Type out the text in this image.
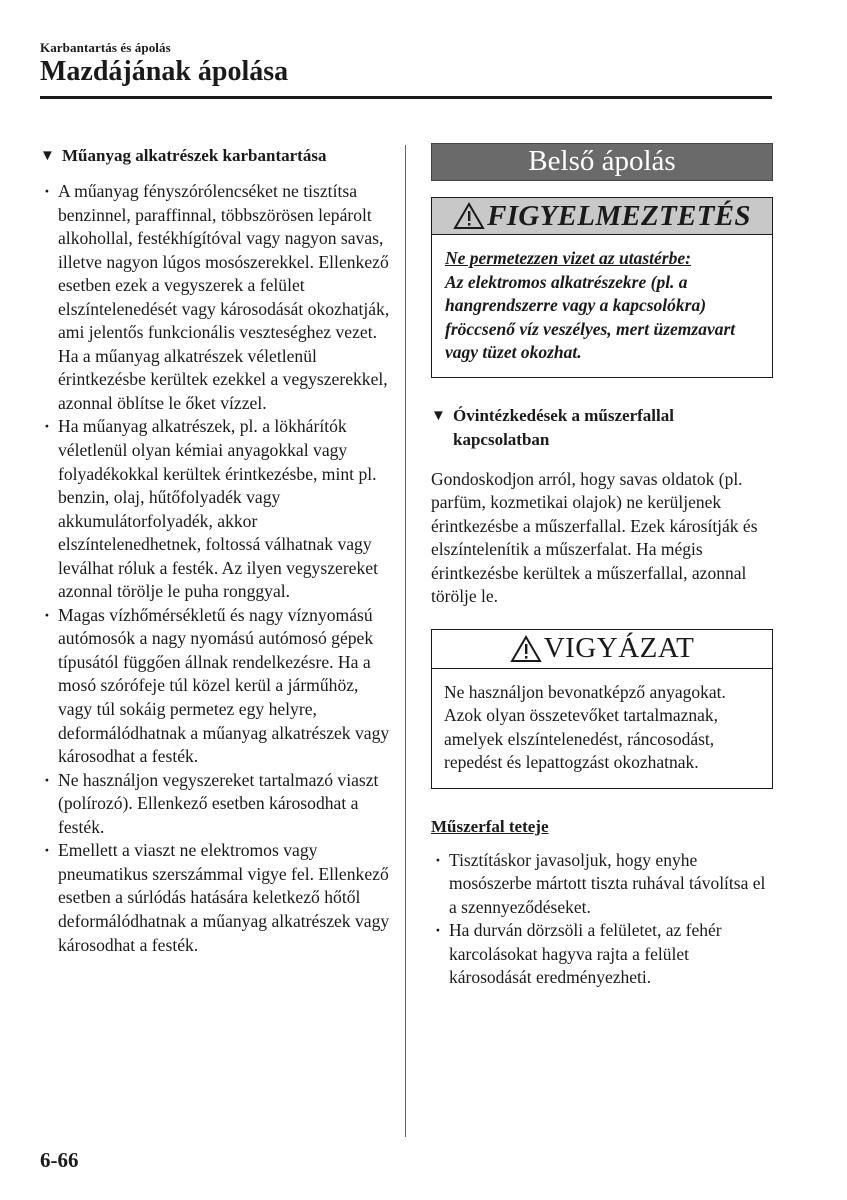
Karbantartás és ápolás
Mazdájának ápolása
▼ Műanyag alkatrészek karbantartása
· A műanyag fényszórólencséket ne tisztítsa benzinnel, paraffinnal, többszörösen lepárolt alkohollal, festékhígítóval vagy nagyon savas, illetve nagyon lúgos mosószerekkel. Ellenkező esetben ezek a vegyszerek a felület elszíntelenedését vagy károsodását okozhatják, ami jelentős funkcionális veszteséghez vezet. Ha a műanyag alkatrészek véletlenül érintkezésbe kerültek ezekkel a vegyszerekkel, azonnal öblítse le őket vízzel.
· Ha műanyag alkatrészek, pl. a lökhárítók véletlenül olyan kémiai anyagokkal vagy folyadékokkal kerültek érintkezésbe, mint pl. benzin, olaj, hűtőfolyadék vagy akkumulátorfolyadék, akkor elszíntelenedhetnek, foltossá válhatnak vagy leválhat róluk a festék. Az ilyen vegyszereket azonnal törölje le puha ronggyal.
· Magas vízhőmérsékletű és nagy víznyomású autómosók a nagy nyomású autómosó gépek típusától függően állnak rendelkezésre. Ha a mosó szórófeje túl közel kerül a járműhöz, vagy túl sokáig permetez egy helyre, deformálódhatnak a műanyag alkatrészek vagy károsodhat a festék.
· Ne használjon vegyszereket tartalmazó viaszt (polírozó). Ellenkező esetben károsodhat a festék.
· Emellett a viaszt ne elektromos vagy pneumatikus szerszámmal vigye fel. Ellenkező esetben a súrlódás hatására keletkező hőtől deformálódhatnak a műanyag alkatrészek vagy károsodhat a festék.
Belső ápolás
FIGYELMEZTETÉS
Ne permetezzen vizet az utastérbe:
Az elektromos alkatrészekre (pl. a hangrendszerre vagy a kapcsolókra) fröccsenő víz veszélyes, mert üzemzavart vagy tüzet okozhat.
▼ Óvintézkedések a műszerfallal kapcsolatban

Gondoskodjon arról, hogy savas oldatok (pl. parfüm, kozmetikai olajok) ne kerüljenek érintkezésbe a műszerfallal. Ezek károsítják és elszíntelenítik a műszerfalat. Ha mégis érintkezésbe kerültek a műszerfallal, azonnal törölje le.

VIGYÁZAT
Ne használjon bevonatképző anyagokat. Azok olyan összetevőket tartalmaznak, amelyek elszíntelenedést, ráncosodást, repedést és lepattogzást okozhatnak.
Műszerfal teteje
· Tisztításkor javasoljuk, hogy enyhe mosószerbe mártott tiszta ruhával távolítsa el a szennyeződéseket.
· Ha durván dörzsöli a felületet, az fehér karcolásokat hagyva rajta a felület károsodását eredményezheti.
6-66
